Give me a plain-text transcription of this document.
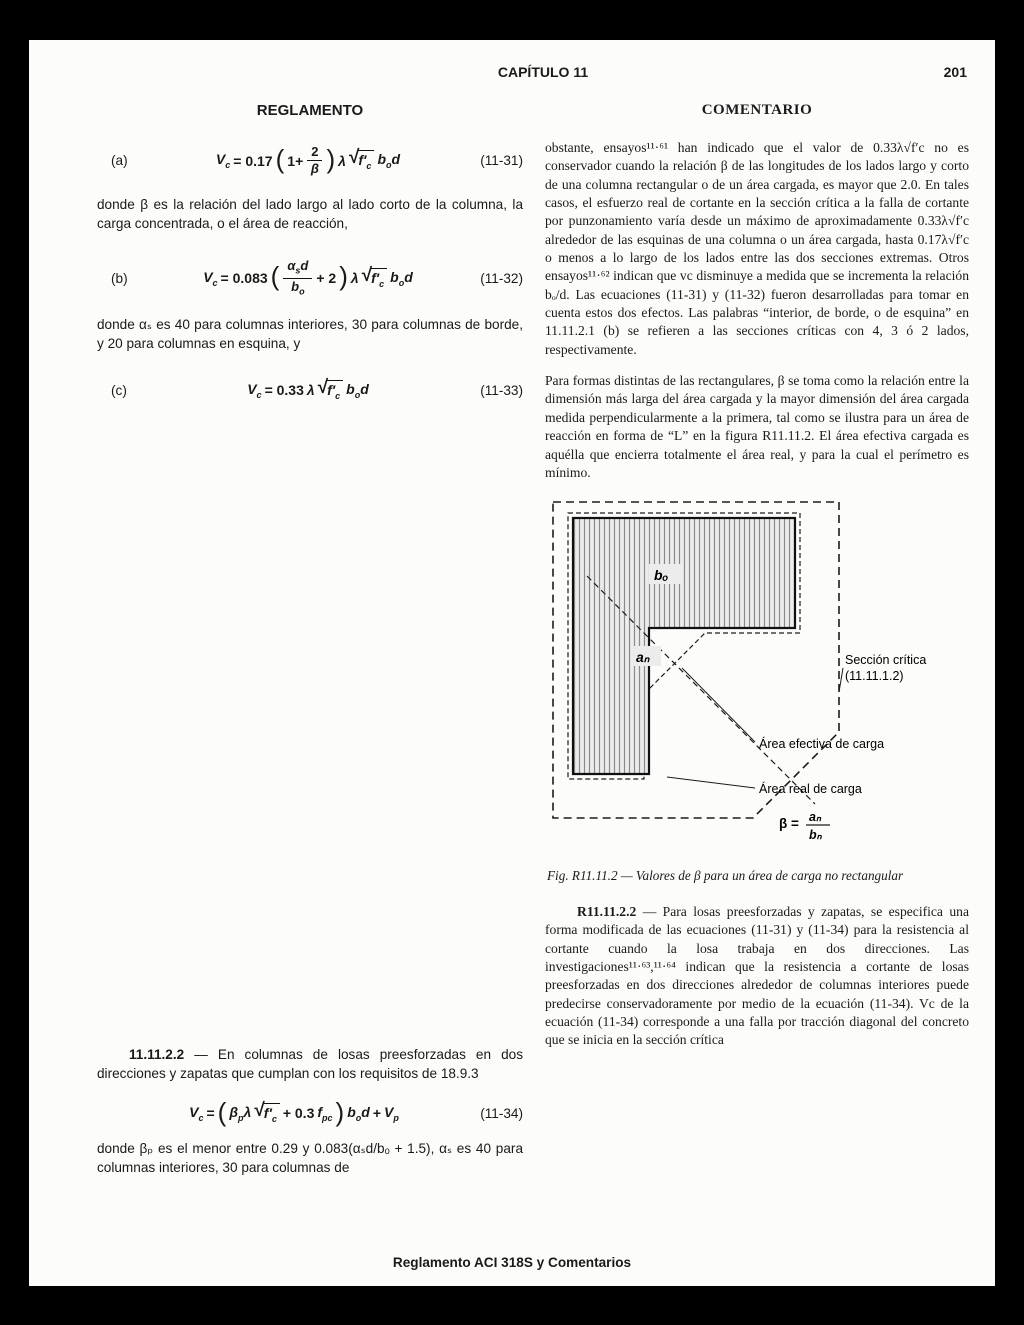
CAPÍTULO 11	201
REGLAMENTO
(a)	$V_c = 0.17$ ( $1+ \frac{2}{\beta}$ ) λ √ $f'_c$ $b_od$	(11-31)

donde β es la relación del lado largo al lado corto de la columna, la carga concentrada, o el área de reacción,

(b)	$V_c = 0.083$ ( $\frac{\alpha_sd}{b_o} + 2$ ) λ √ $f'_c$ $b_od$	(11-32)

donde αₛ es 40 para columnas interiores, 30 para columnas de borde, y 20 para columnas en esquina, y

(c)	$V_c = 0.33$ λ √ $f'_c$ $b_od$	(11-33)

11.11.2.2 — En columnas de losas preesforzadas en dos direcciones y zapatas que cumplan con los requisitos de 18.9.3

$V_c$ = ( $\beta_p\lambda$ √ $f'_c + 0.3$ $f_{pc}$ ) $b_od + V_p$	(11-34)

donde βₚ es el menor entre 0.29 y 0.083(αₛd/bₒ + 1.5), αₛ es 40 para columnas interiores, 30 para columnas de

COMENTARIO

obstante, ensayos¹¹·⁶¹ han indicado que el valor de 0.33λ√f′c no es conservador cuando la relación β de las longitudes de los lados largo y corto de una columna rectangular o de un área cargada, es mayor que 2.0. En tales casos, el esfuerzo real de cortante en la sección crítica a la falla de cortante por punzonamiento varía desde un máximo de aproximadamente 0.33λ√f′c alrededor de las esquinas de una columna o un área cargada, hasta 0.17λ√f′c o menos a lo largo de los lados entre las dos secciones extremas. Otros ensayos¹¹·⁶² indican que vc disminuye a medida que se incrementa la relación bₒ/d. Las ecuaciones (11-31) y (11-32) fueron desarrolladas para tomar en cuenta estos dos efectos. Las palabras “interior, de borde, o de esquina” en 11.11.2.1 (b) se refieren a las secciones críticas con 4, 3 ó 2 lados, respectivamente.

Para formas distintas de las rectangulares, β se toma como la relación entre la dimensión más larga del área cargada y la mayor dimensión del área cargada medida perpendicularmente a la primera, tal como se ilustra para un área de reacción en forma de “L” en la figura R11.11.2. El área efectiva cargada es aquélla que encierra totalmente el área real, y para la cual el perímetro es mínimo.

bₒ
aₙ	Sección crítica
(11.11.1.2)
Área efectiva de carga
Área real de carga
β = aₙ
bₙ
Fig. R11.11.2 — Valores de β para un área de carga no rectangular

R11.11.2.2 — Para losas preesforzadas y zapatas, se especifica una forma modificada de las ecuaciones (11-31) y (11-34) para la resistencia al cortante cuando la losa trabaja en dos direcciones. Las investigaciones¹¹·⁶³,¹¹·⁶⁴ indican que la resistencia a cortante de losas preesforzadas en dos direcciones alrededor de columnas interiores puede predecirse conservadoramente por medio de la ecuación (11-34). Vc de la ecuación (11-34) corresponde a una falla por tracción diagonal del concreto que se inicia en la sección crítica

Reglamento ACI 318S y Comentarios
